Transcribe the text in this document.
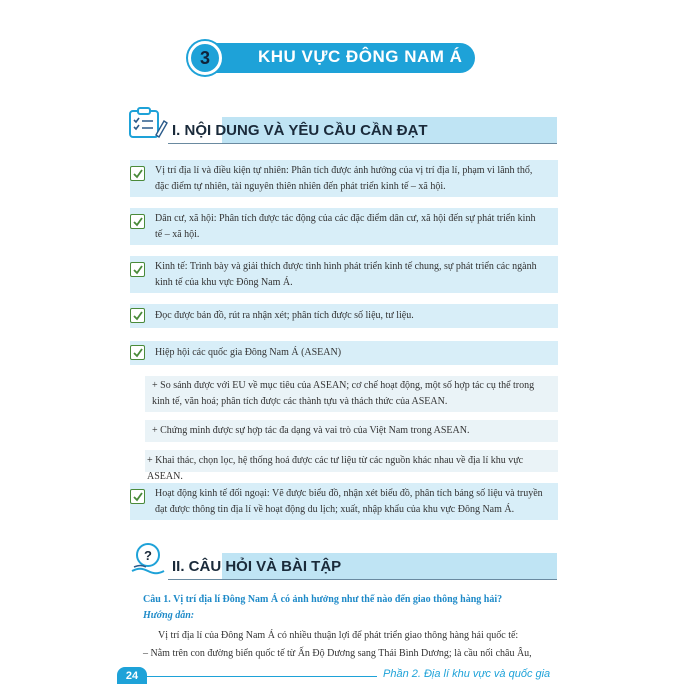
KHU VỰC ĐÔNG NAM Á
3
I. NỘI DUNG VÀ YÊU CẦU CẦN ĐẠT
Vị trí địa lí và điều kiện tự nhiên: Phân tích được ảnh hưởng của vị trí địa lí, phạm vi lãnh thổ,
đặc điểm tự nhiên, tài nguyên thiên nhiên đến phát triển kinh tế – xã hội.
Dân cư, xã hội: Phân tích được tác động của các đặc điểm dân cư, xã hội đến sự phát triển kinh
tế – xã hội.
Kinh tế: Trình bày và giải thích được tình hình phát triển kinh tế chung, sự phát triển các ngành
kinh tế của khu vực Đông Nam Á.
Đọc được bản đồ, rút ra nhận xét; phân tích được số liệu, tư liệu.
Hiệp hội các quốc gia Đông Nam Á (ASEAN)
+ So sánh được với EU về mục tiêu của ASEAN; cơ chế hoạt động, một số hợp tác cụ thể trong
kinh tế, văn hoá; phân tích được các thành tựu và thách thức của ASEAN.
+ Chứng minh được sự hợp tác đa dạng và vai trò của Việt Nam trong ASEAN.
+ Khai thác, chọn lọc, hệ thống hoá được các tư liệu từ các nguồn khác nhau về địa lí khu vực ASEAN.
Hoạt động kinh tế đối ngoại: Vẽ được biểu đồ, nhận xét biểu đồ, phân tích bảng số liệu và truyền
đạt được thông tin địa lí về hoạt động du lịch; xuất, nhập khẩu của khu vực Đông Nam Á.
?
II. CÂU HỎI VÀ BÀI TẬP
Câu 1. Vị trí địa lí Đông Nam Á có ảnh hưởng như thế nào đến giao thông hàng hải?
Hướng dẫn:
Vị trí địa lí của Đông Nam Á có nhiều thuận lợi để phát triển giao thông hàng hải quốc tế:
– Nằm trên con đường biển quốc tế từ Ấn Độ Dương sang Thái Bình Dương; là cầu nối châu Âu,
24	Phần 2. Địa lí khu vực và quốc gia
